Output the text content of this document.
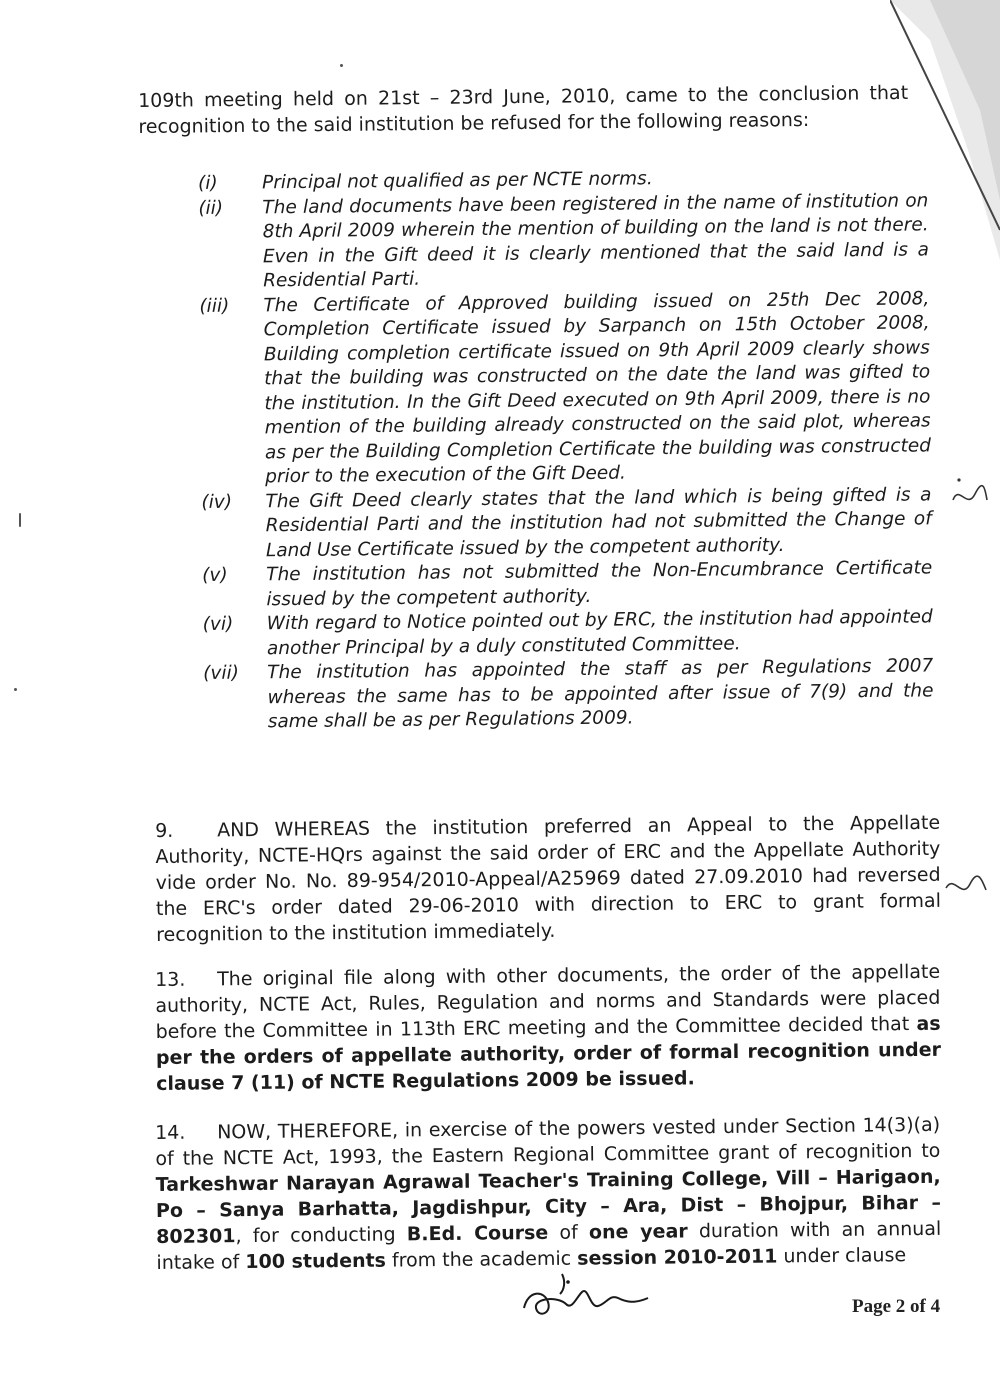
109th meeting held on 21st – 23rd June, 2010, came to the conclusion that recognition to the said institution be refused for the following reasons:

(i)	Principal not qualified as per NCTE norms.
(ii)	The land documents have been registered in the name of institution on 8th April 2009 wherein the mention of building on the land is not there. Even in the Gift deed it is clearly mentioned that the said land is a Residential Parti.
(iii)	The Certificate of Approved building issued on 25th Dec 2008, Completion Certificate issued by Sarpanch on 15th October 2008, Building completion certificate issued on 9th April 2009 clearly shows that the building was constructed on the date the land was gifted to the institution. In the Gift Deed executed on 9th April 2009, there is no mention of the building already constructed on the said plot, whereas as per the Building Completion Certificate the building was constructed prior to the execution of the Gift Deed.
(iv)	The Gift Deed clearly states that the land which is being gifted is a Residential Parti and the institution had not submitted the Change of Land Use Certificate issued by the competent authority.
(v)	The institution has not submitted the Non-Encumbrance Certificate issued by the competent authority.
(vi)	With regard to Notice pointed out by ERC, the institution had appointed another Principal by a duly constituted Committee.
(vii)	The institution has appointed the staff as per Regulations 2007 whereas the same has to be appointed after issue of 7(9) and the same shall be as per Regulations 2009.

9. AND WHEREAS the institution preferred an Appeal to the Appellate Authority, NCTE-HQrs against the said order of ERC and the Appellate Authority vide order No. No. 89-954/2010-Appeal/A25969 dated 27.09.2010 had reversed the ERC's order dated 29-06-2010 with direction to ERC to grant formal recognition to the institution immediately.

13. The original file along with other documents, the order of the appellate authority, NCTE Act, Rules, Regulation and norms and Standards were placed before the Committee in 113th ERC meeting and the Committee decided that as per the orders of appellate authority, order of formal recognition under clause 7 (11) of NCTE Regulations 2009 be issued.

14. NOW, THEREFORE, in exercise of the powers vested under Section 14(3)(a) of the NCTE Act, 1993, the Eastern Regional Committee grant of recognition to Tarkeshwar Narayan Agrawal Teacher's Training College, Vill – Harigaon, Po – Sanya Barhatta, Jagdishpur, City – Ara, Dist – Bhojpur, Bihar – 802301, for conducting B.Ed. Course of one year duration with an annual intake of 100 students from the academic session 2010-2011 under clause

Page 2 of 4
